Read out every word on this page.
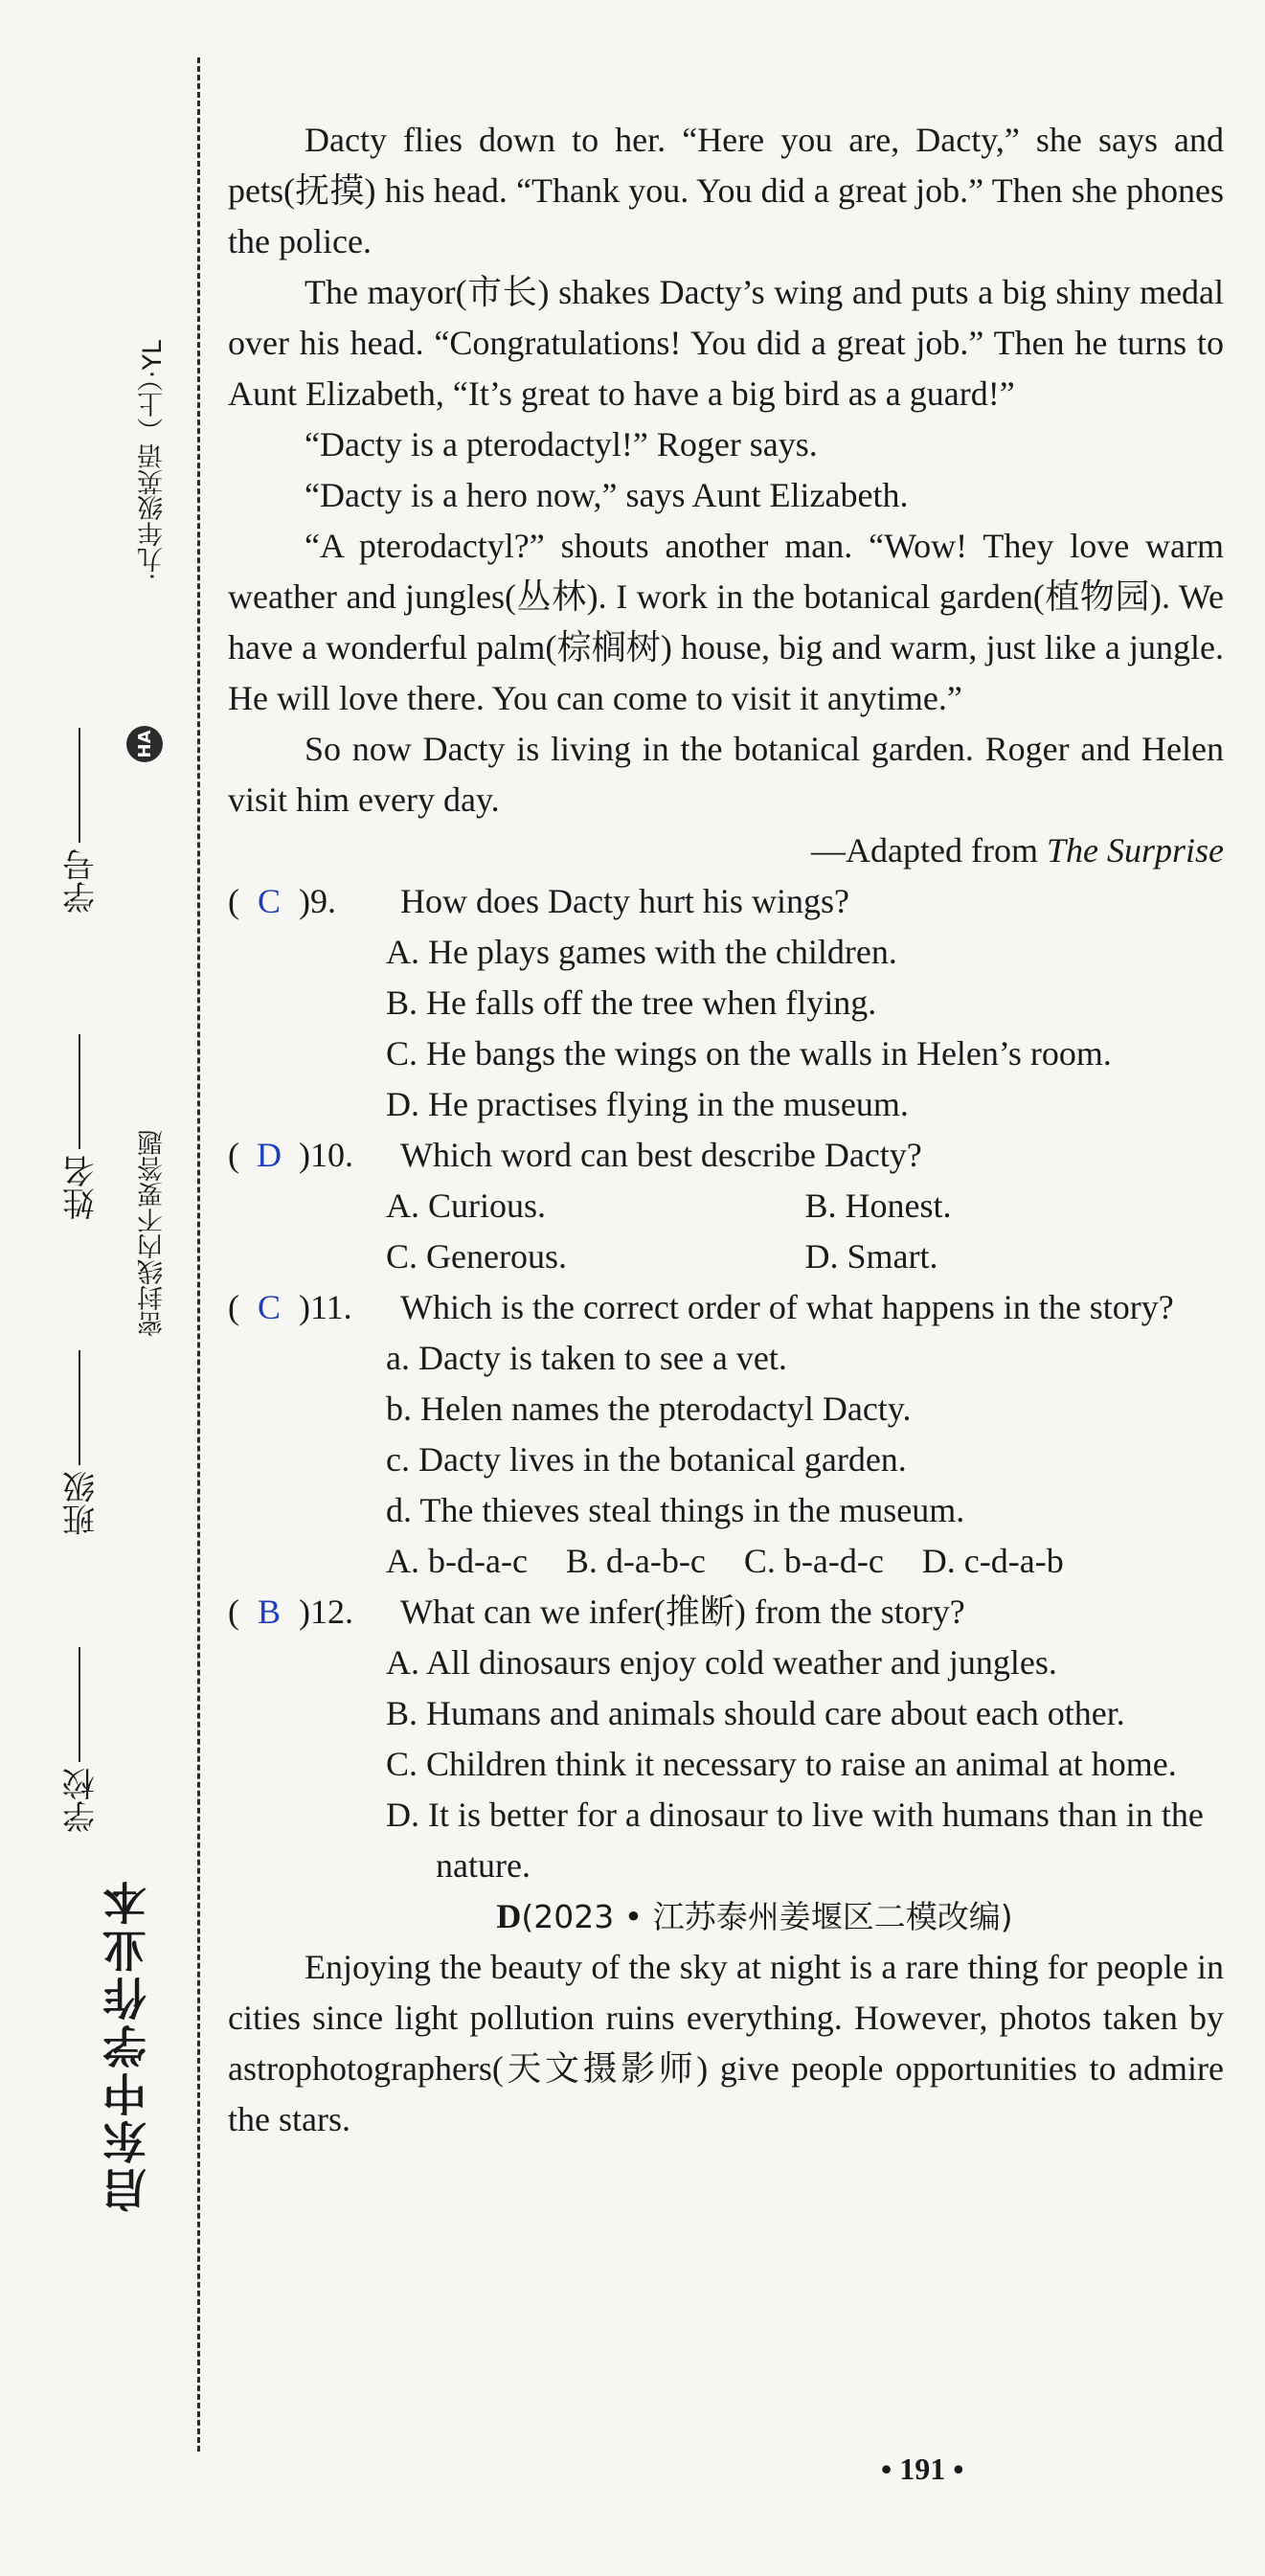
启东中学作业本
学校
班级
姓名
学号
密封线内不要答题
HA
·九年级英语（上）·YL

Dacty flies down to her. “Here you are, Dacty,” she says and pets(抚摸) his head. “Thank you. You did a great job.” Then she phones the police.

The mayor(市长) shakes Dacty’s wing and puts a big shiny medal over his head. “Congratulations! You did a great job.” Then he turns to Aunt Elizabeth, “It’s great to have a big bird as a guard!”

“Dacty is a pterodactyl!” Roger says.

“Dacty is a hero now,” says Aunt Elizabeth.

“A pterodactyl?” shouts another man. “Wow! They love warm weather and jungles(丛林). I work in the botanical garden(植物园). We have a wonderful palm(棕榈树) house, big and warm, just like a jungle. He will love there. You can come to visit it anytime.”

So now Dacty is living in the botanical garden. Roger and Helen visit him every day.

—Adapted from The Surprise

( C )9.	How does Dacty hurt his wings?

A. He plays games with the children.

B. He falls off the tree when flying.

C. He bangs the wings on the walls in Helen’s room.

D. He practises flying in the museum.

( D )10.	Which word can best describe Dacty?

A. Curious.	B. Honest.

C. Generous.	D. Smart.

( C )11.	Which is the correct order of what happens in the story?

a. Dacty is taken to see a vet.

b. Helen names the pterodactyl Dacty.

c. Dacty lives in the botanical garden.

d. The thieves steal things in the museum.

A. b-d-a-c B. d-a-b-c C. b-a-d-c D. c-d-a-b

( B )12.	What can we infer(推断) from the story?

A. All dinosaurs enjoy cold weather and jungles.

B. Humans and animals should care about each other.

C. Children think it necessary to raise an animal at home.

D. It is better for a dinosaur to live with humans than in the nature.

D(2023 • 江苏泰州姜堰区二模改编)

Enjoying the beauty of the sky at night is a rare thing for people in cities since light pollution ruins everything. However, photos taken by astrophotographers(天文摄影师) give people opportunities to admire the stars.

• 191 •
